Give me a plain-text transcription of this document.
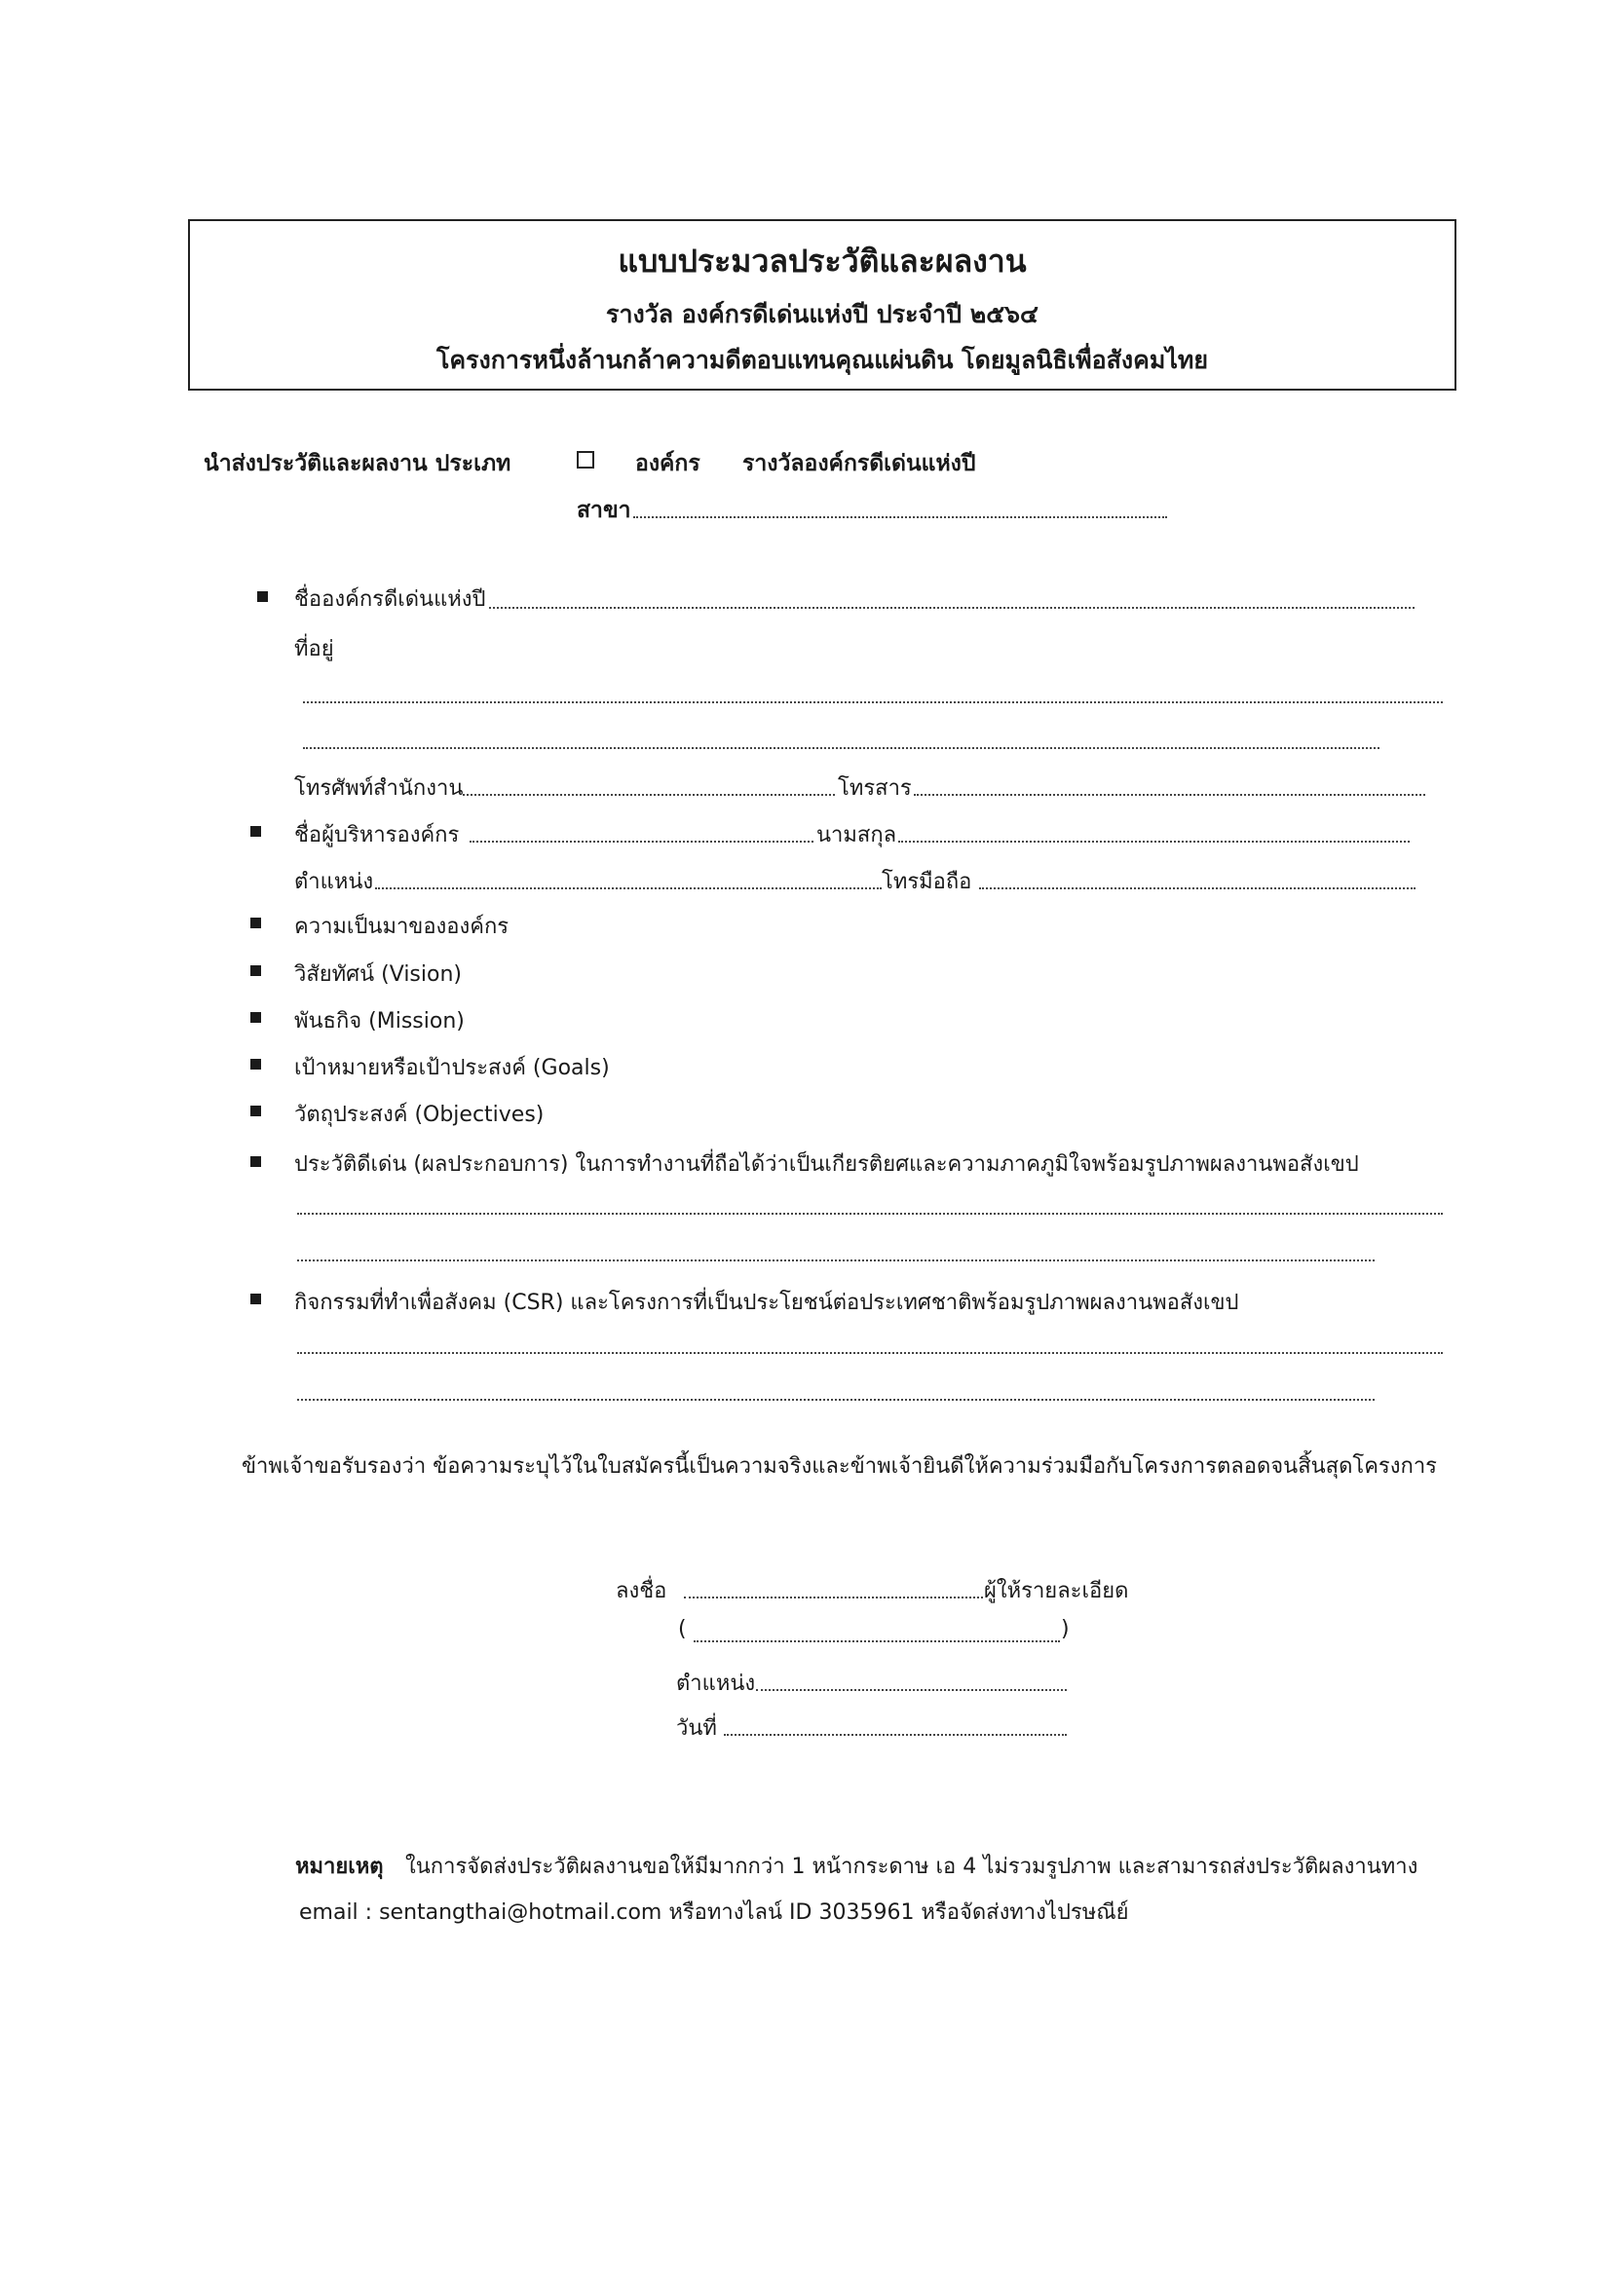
แบบประมวลประวัติและผลงาน
รางวัล องค์กรดีเด่นแห่งปี ประจำปี ๒๕๖๔
โครงการหนึ่งล้านกล้าความดีตอบแทนคุณแผ่นดิน โดยมูลนิธิเพื่อสังคมไทย
นำส่งประวัติและผลงาน ประเภท	องค์กร รางวัลองค์กรดีเด่นแห่งปี
สาขา
ชื่อองค์กรดีเด่นแห่งปี
ที่อยู่
โทรศัพท์สำนักงาน	โทรสาร
ชื่อผู้บริหารองค์กร	นามสกุล
ตำแหน่ง	โทรมือถือ
ความเป็นมาขององค์กร
วิสัยทัศน์ (Vision)
พันธกิจ (Mission)
เป้าหมายหรือเป้าประสงค์ (Goals)
วัตถุประสงค์ (Objectives)
ประวัติดีเด่น (ผลประกอบการ) ในการทำงานที่ถือได้ว่าเป็นเกียรติยศและความภาคภูมิใจพร้อมรูปภาพผลงานพอสังเขป
กิจกรรมที่ทำเพื่อสังคม (CSR) และโครงการที่เป็นประโยชน์ต่อประเทศชาติพร้อมรูปภาพผลงานพอสังเขป
ข้าพเจ้าขอรับรองว่า ข้อความระบุไว้ในใบสมัครนี้เป็นความจริงและข้าพเจ้ายินดีให้ความร่วมมือกับโครงการตลอดจนสิ้นสุดโครงการ
ลงชื่อ	ผู้ให้รายละเอียด
(	)
ตำแหน่ง
วันที่
หมายเหตุ ในการจัดส่งประวัติผลงานขอให้มีมากกว่า 1 หน้ากระดาษ เอ 4 ไม่รวมรูปภาพ และสามารถส่งประวัติผลงานทาง
email : sentangthai@hotmail.com หรือทางไลน์ ID 3035961 หรือจัดส่งทางไปรษณีย์
